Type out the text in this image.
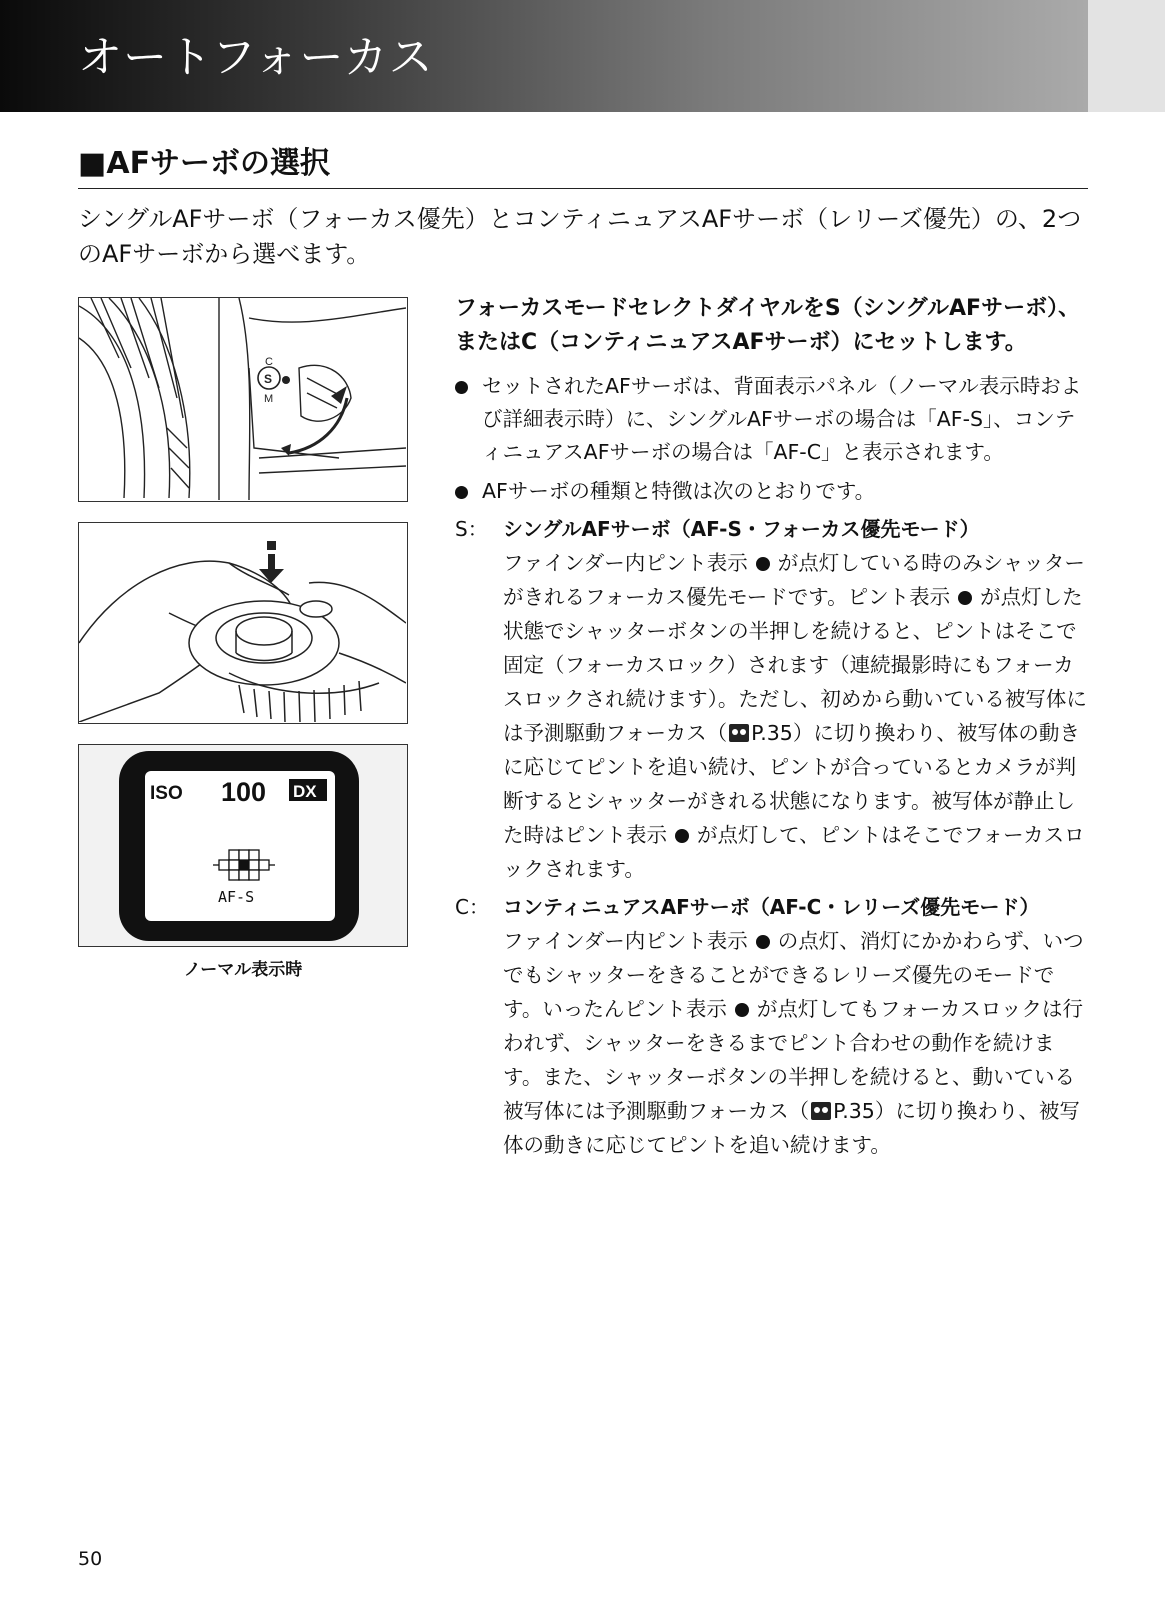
オートフォーカス
■AFサーボの選択

シングルAFサーボ（フォーカス優先）とコンティニュアスAFサーボ（レリーズ優先）の、2つのAFサーボから選べます。

C
S
M
ISO 100 DX
AF-S
ノーマル表示時

フォーカスモードセレクトダイヤルをS（シングルAFサーボ）、またはC（コンティニュアスAFサーボ）にセットします。

セットされたAFサーボは、背面表示パネル（ノーマル表示時および詳細表示時）に、シングルAFサーボの場合は「AF-S」、コンティニュアスAFサーボの場合は「AF-C」と表示されます。

AFサーボの種類と特徴は次のとおりです。

S： シングルAFサーボ（AF-S・フォーカス優先モード）

ファインダー内ピント表示 が点灯している時のみシャッターがきれるフォーカス優先モードです。ピント表示 が点灯した状態でシャッターボタンの半押しを続けると、ピントはそこで固定（フォーカスロック）されます（連続撮影時にもフォーカスロックされ続けます）。ただし、初めから動いている被写体には予測駆動フォーカス（ P.35）に切り換わり、被写体の動きに応じてピントを追い続け、ピントが合っているとカメラが判断するとシャッターがきれる状態になります。被写体が静止した時はピント表示 が点灯して、ピントはそこでフォーカスロックされます。

C： コンティニュアスAFサーボ（AF-C・レリーズ優先モード）

ファインダー内ピント表示 の点灯、消灯にかかわらず、いつでもシャッターをきることができるレリーズ優先のモードです。いったんピント表示 が点灯してもフォーカスロックは行われず、シャッターをきるまでピント合わせの動作を続けます。また、シャッターボタンの半押しを続けると、動いている被写体には予測駆動フォーカス（ P.35）に切り換わり、被写体の動きに応じてピントを追い続けます。

50
